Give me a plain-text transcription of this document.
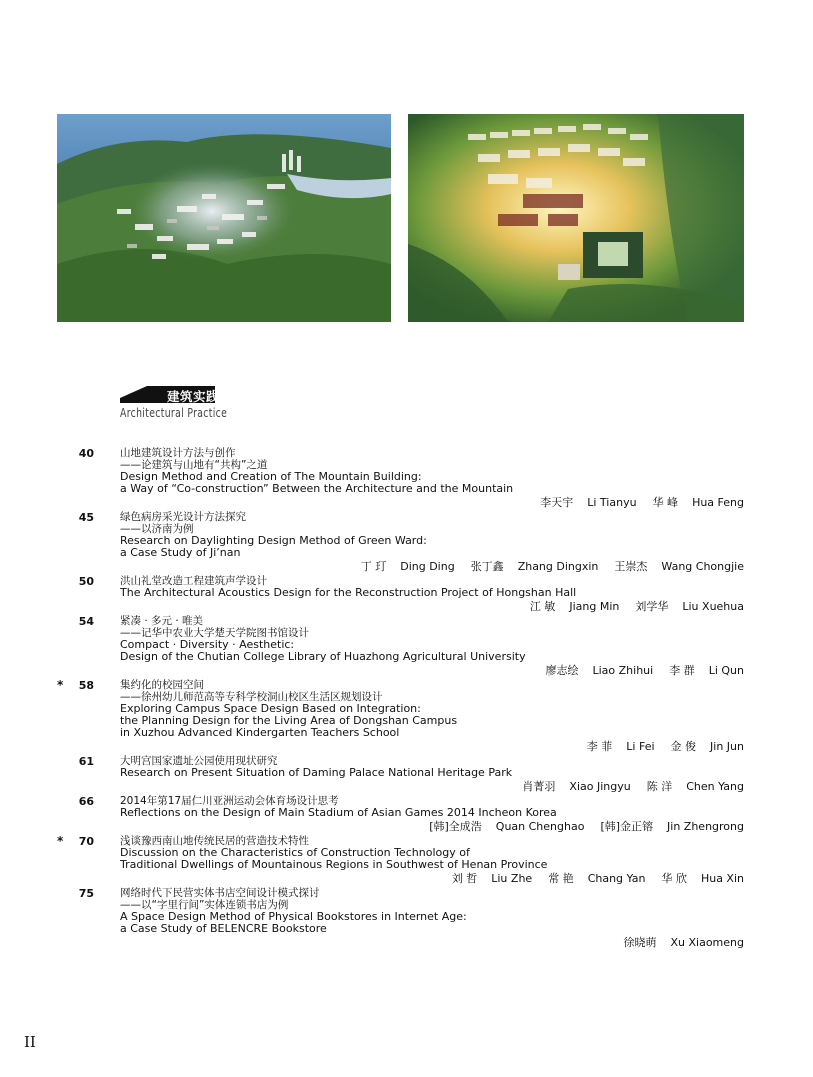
建筑实践
Architectural Practice
40 山地建筑设计方法与创作
——论建筑与山地有“共构”之道
Design Method and Creation of The Mountain Building:
a Way of “Co-construction” Between the Architecture and the Mountain
李天宇 Li Tianyu 华 峰 Hua Feng
45 绿色病房采光设计方法探究
——以济南为例
Research on Daylighting Design Method of Green Ward:
a Case Study of Ji’nan
丁 玎 Ding Ding 张丁鑫 Zhang Dingxin 王崇杰 Wang Chongjie
50 洪山礼堂改造工程建筑声学设计
The Architectural Acoustics Design for the Reconstruction Project of Hongshan Hall
江 敏 Jiang Min 刘学华 Liu Xuehua
54 紧凑 · 多元 · 唯美
——记华中农业大学楚天学院图书馆设计
Compact · Diversity · Aesthetic:
Design of the Chutian College Library of Huazhong Agricultural University
廖志绘 Liao Zhihui 李 群 Li Qun
*	58 集约化的校园空间
——徐州幼儿师范高等专科学校洞山校区生活区规划设计
Exploring Campus Space Design Based on Integration:
the Planning Design for the Living Area of Dongshan Campus
in Xuzhou Advanced Kindergarten Teachers School
李 菲 Li Fei 金 俊 Jin Jun
61 大明宫国家遗址公园使用现状研究
Research on Present Situation of Daming Palace National Heritage Park
肖菁羽 Xiao Jingyu 陈 洋 Chen Yang
66 2014年第17届仁川亚洲运动会体育场设计思考
Reflections on the Design of Main Stadium of Asian Games 2014 Incheon Korea
[韩]全成浩 Quan Chenghao [韩]金正镕 Jin Zhengrong
*	70 浅谈豫西南山地传统民居的营造技术特性
Discussion on the Characteristics of Construction Technology of
Traditional Dwellings of Mountainous Regions in Southwest of Henan Province
刘 哲 Liu Zhe 常 艳 Chang Yan 华 欣 Hua Xin
75 网络时代下民营实体书店空间设计模式探讨
——以“字里行间”实体连锁书店为例
A Space Design Method of Physical Bookstores in Internet Age:
a Case Study of BELENCRE Bookstore
徐晓萌 Xu Xiaomeng
II
